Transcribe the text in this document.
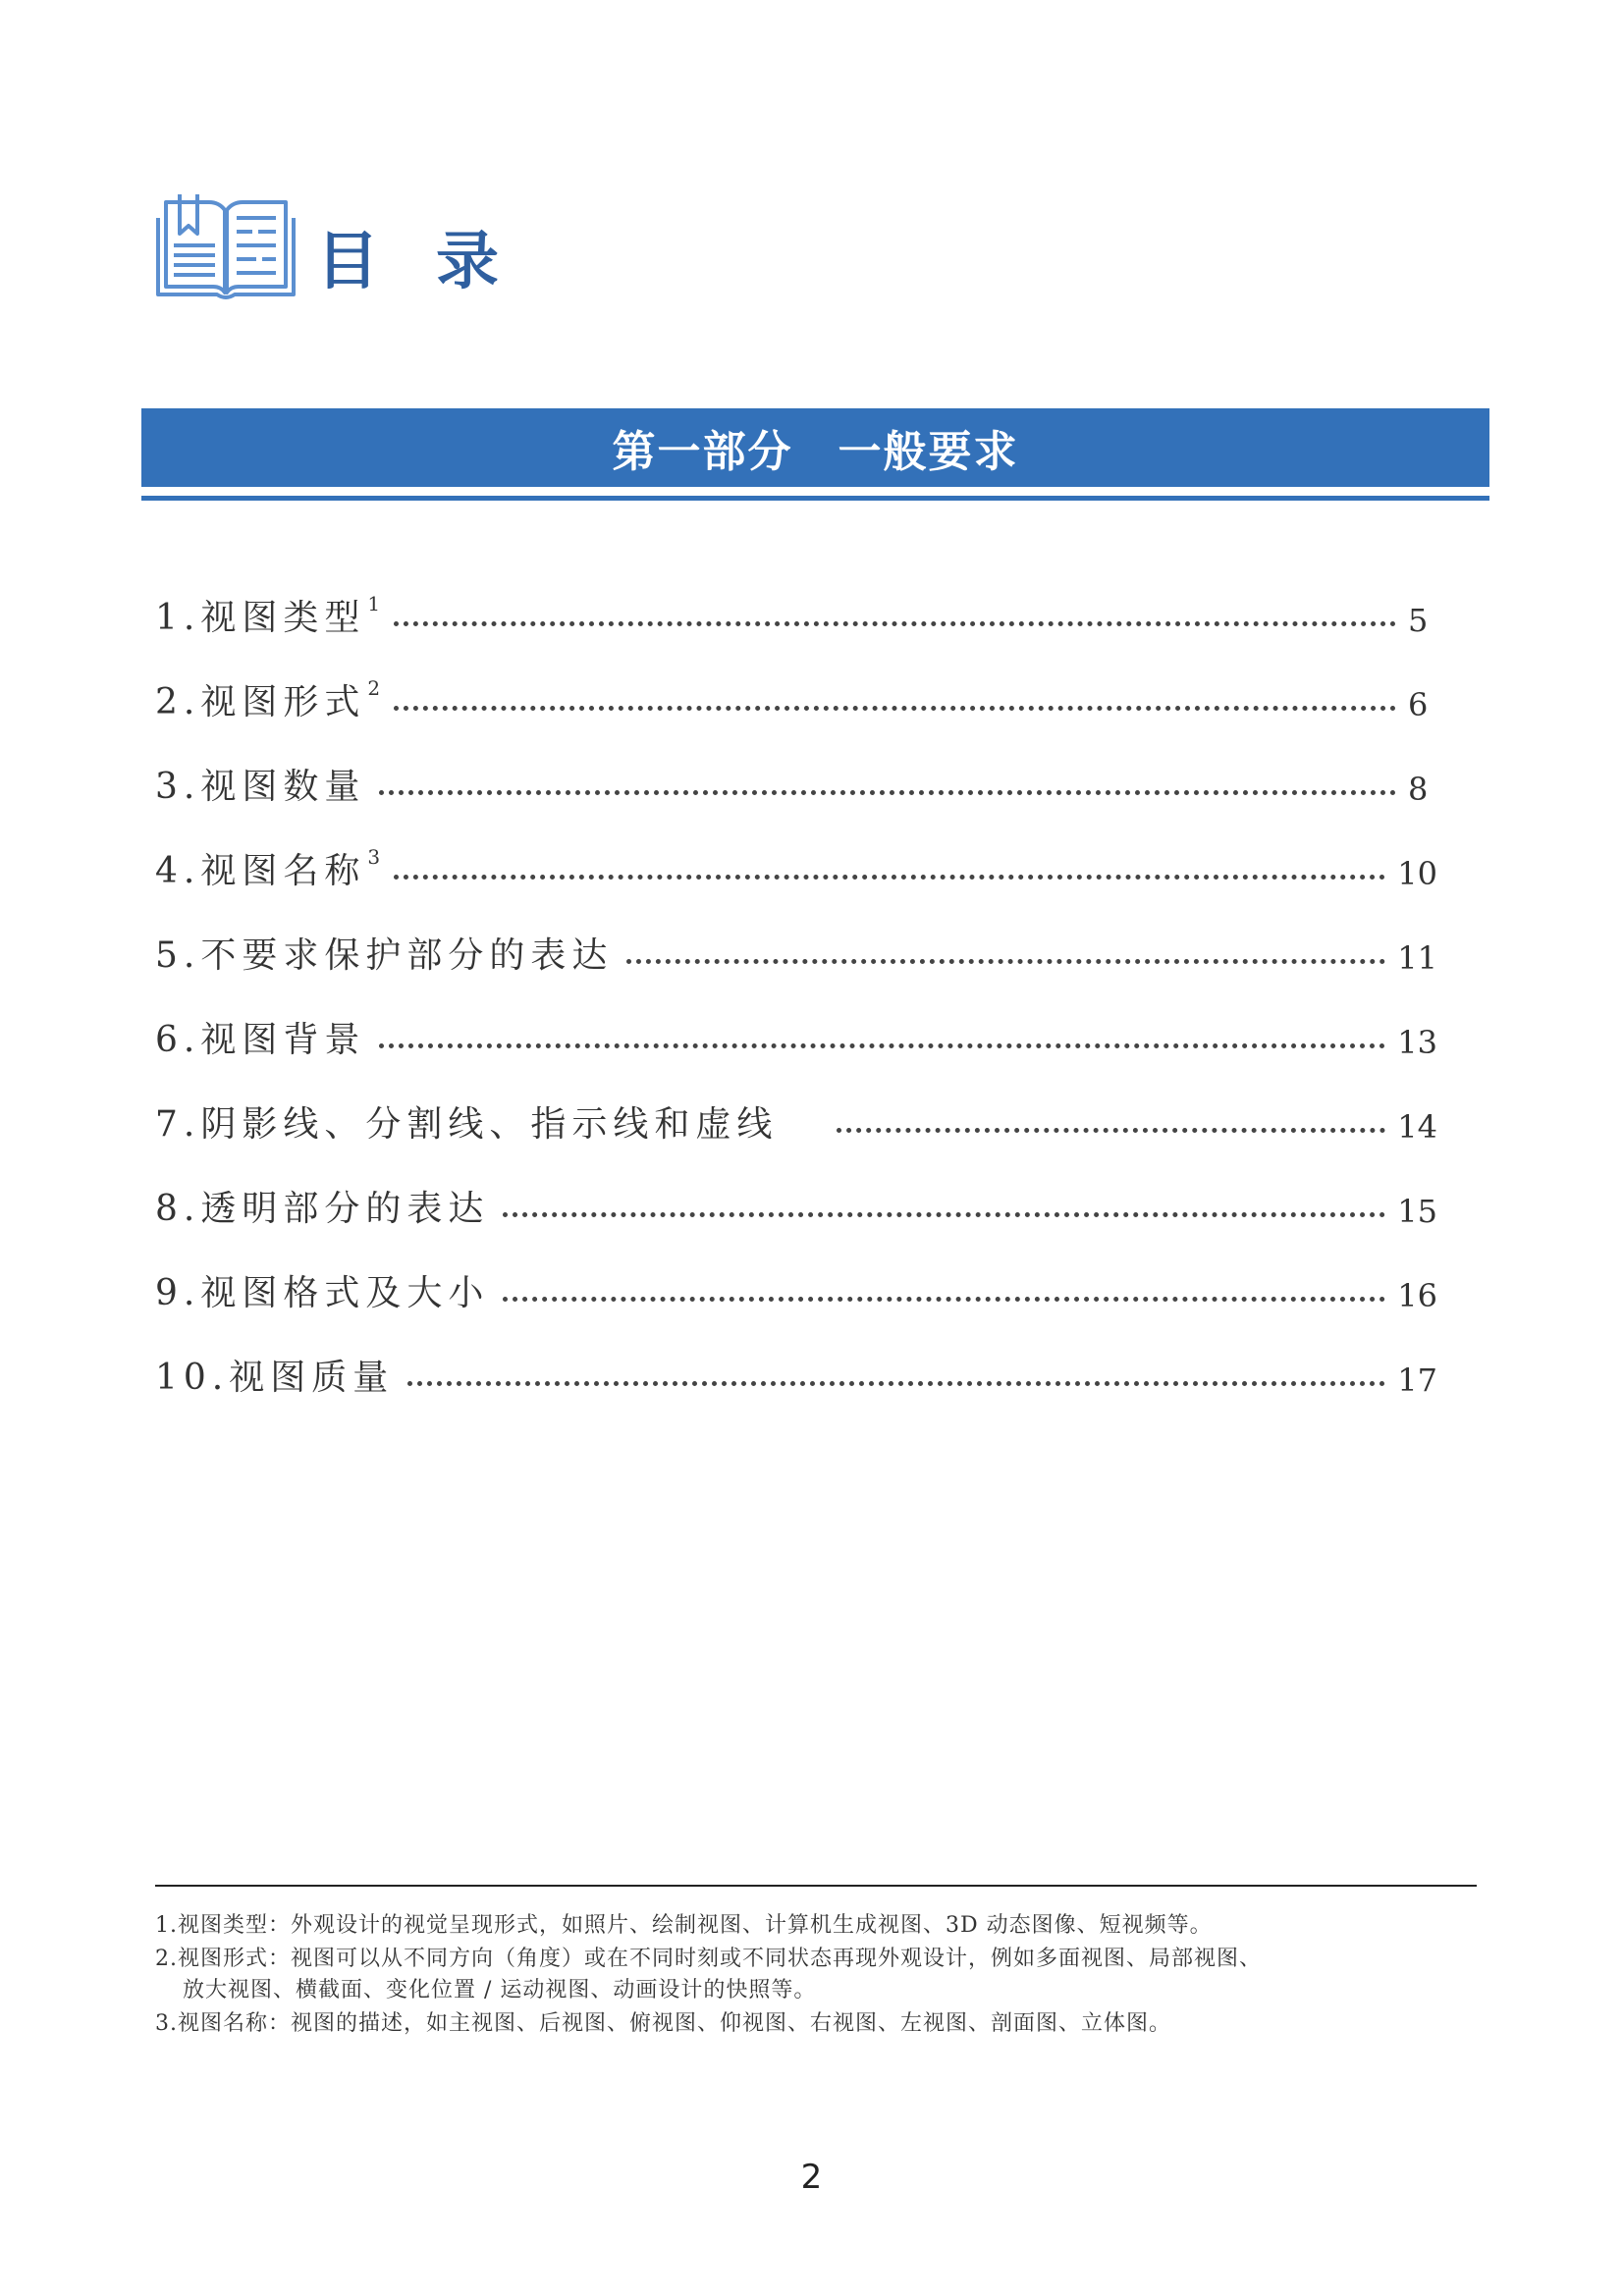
目 录
第一部分　一般要求
1.视图类型 $^1$	5
2.视图形式 $^2$	6
3.视图数量	8
4.视图名称 $^3$	10
5.不要求保护部分的表达	11
6.视图背景	13
7.阴影线、分割线、指示线和虚线	14
8.透明部分的表达	15
9.视图格式及大小	16
10.视图质量	17
1.视图类型：外观设计的视觉呈现形式，如照片、绘制视图、计算机生成视图、3D 动态图像、短视频等。
2.视图形式：视图可以从不同方向（角度）或在不同时刻或不同状态再现外观设计，例如多面视图、局部视图、
放大视图、横截面、变化位置 / 运动视图、动画设计的快照等。
3.视图名称：视图的描述，如主视图、后视图、俯视图、仰视图、右视图、左视图、剖面图、立体图。
2
